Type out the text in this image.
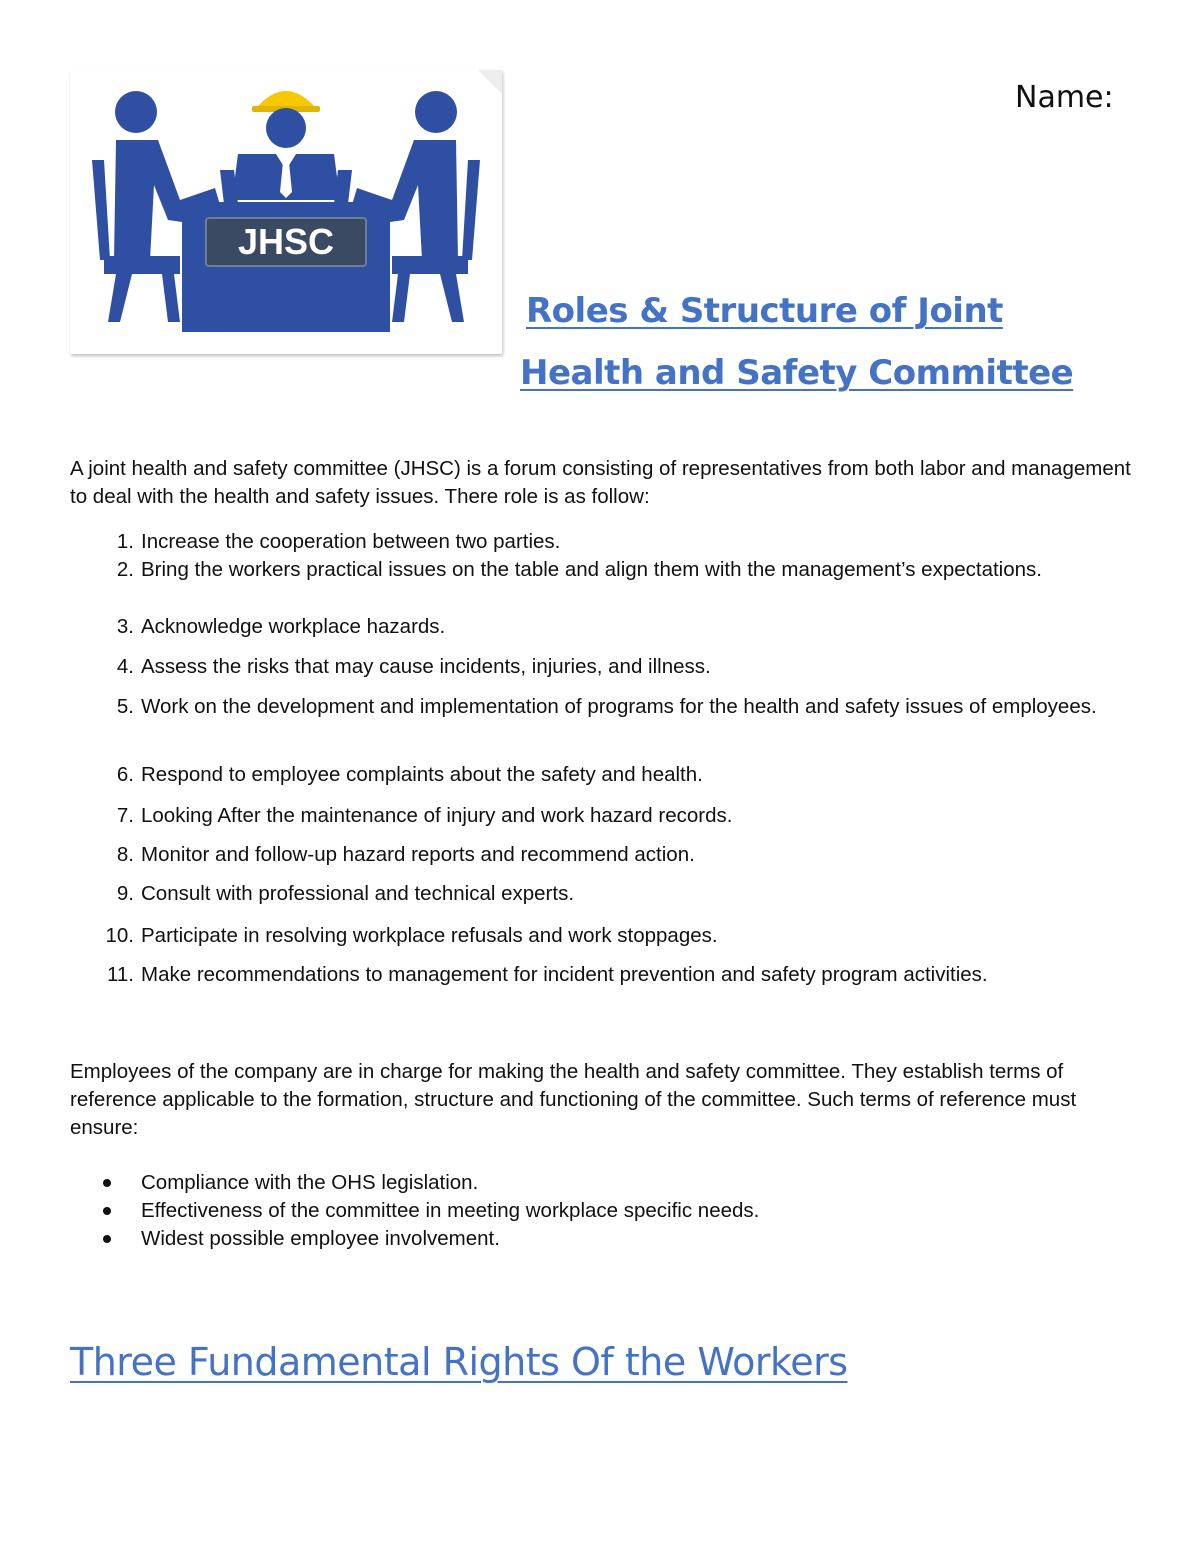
JHSC
Name:
Roles & Structure of Joint
Health and Safety Committee

A joint health and safety committee (JHSC) is a forum consisting of representatives from both labor and management to deal with the health and safety issues. There role is as follow:

1. Increase the cooperation between two parties.
2. Bring the workers practical issues on the table and align them with the management’s expectations.
3. Acknowledge workplace hazards.
4. Assess the risks that may cause incidents, injuries, and illness.
5. Work on the development and implementation of programs for the health and safety issues of employees.
6. Respond to employee complaints about the safety and health.
7. Looking After the maintenance of injury and work hazard records.
8. Monitor and follow-up hazard reports and recommend action.
9. Consult with professional and technical experts.
10. Participate in resolving workplace refusals and work stoppages.
11. Make recommendations to management for incident prevention and safety program activities.

Employees of the company are in charge for making the health and safety committee. They establish terms of reference applicable to the formation, structure and functioning of the committee. Such terms of reference must ensure:

Compliance with the OHS legislation.
Effectiveness of the committee in meeting workplace specific needs.
Widest possible employee involvement.
Three Fundamental Rights Of the Workers
